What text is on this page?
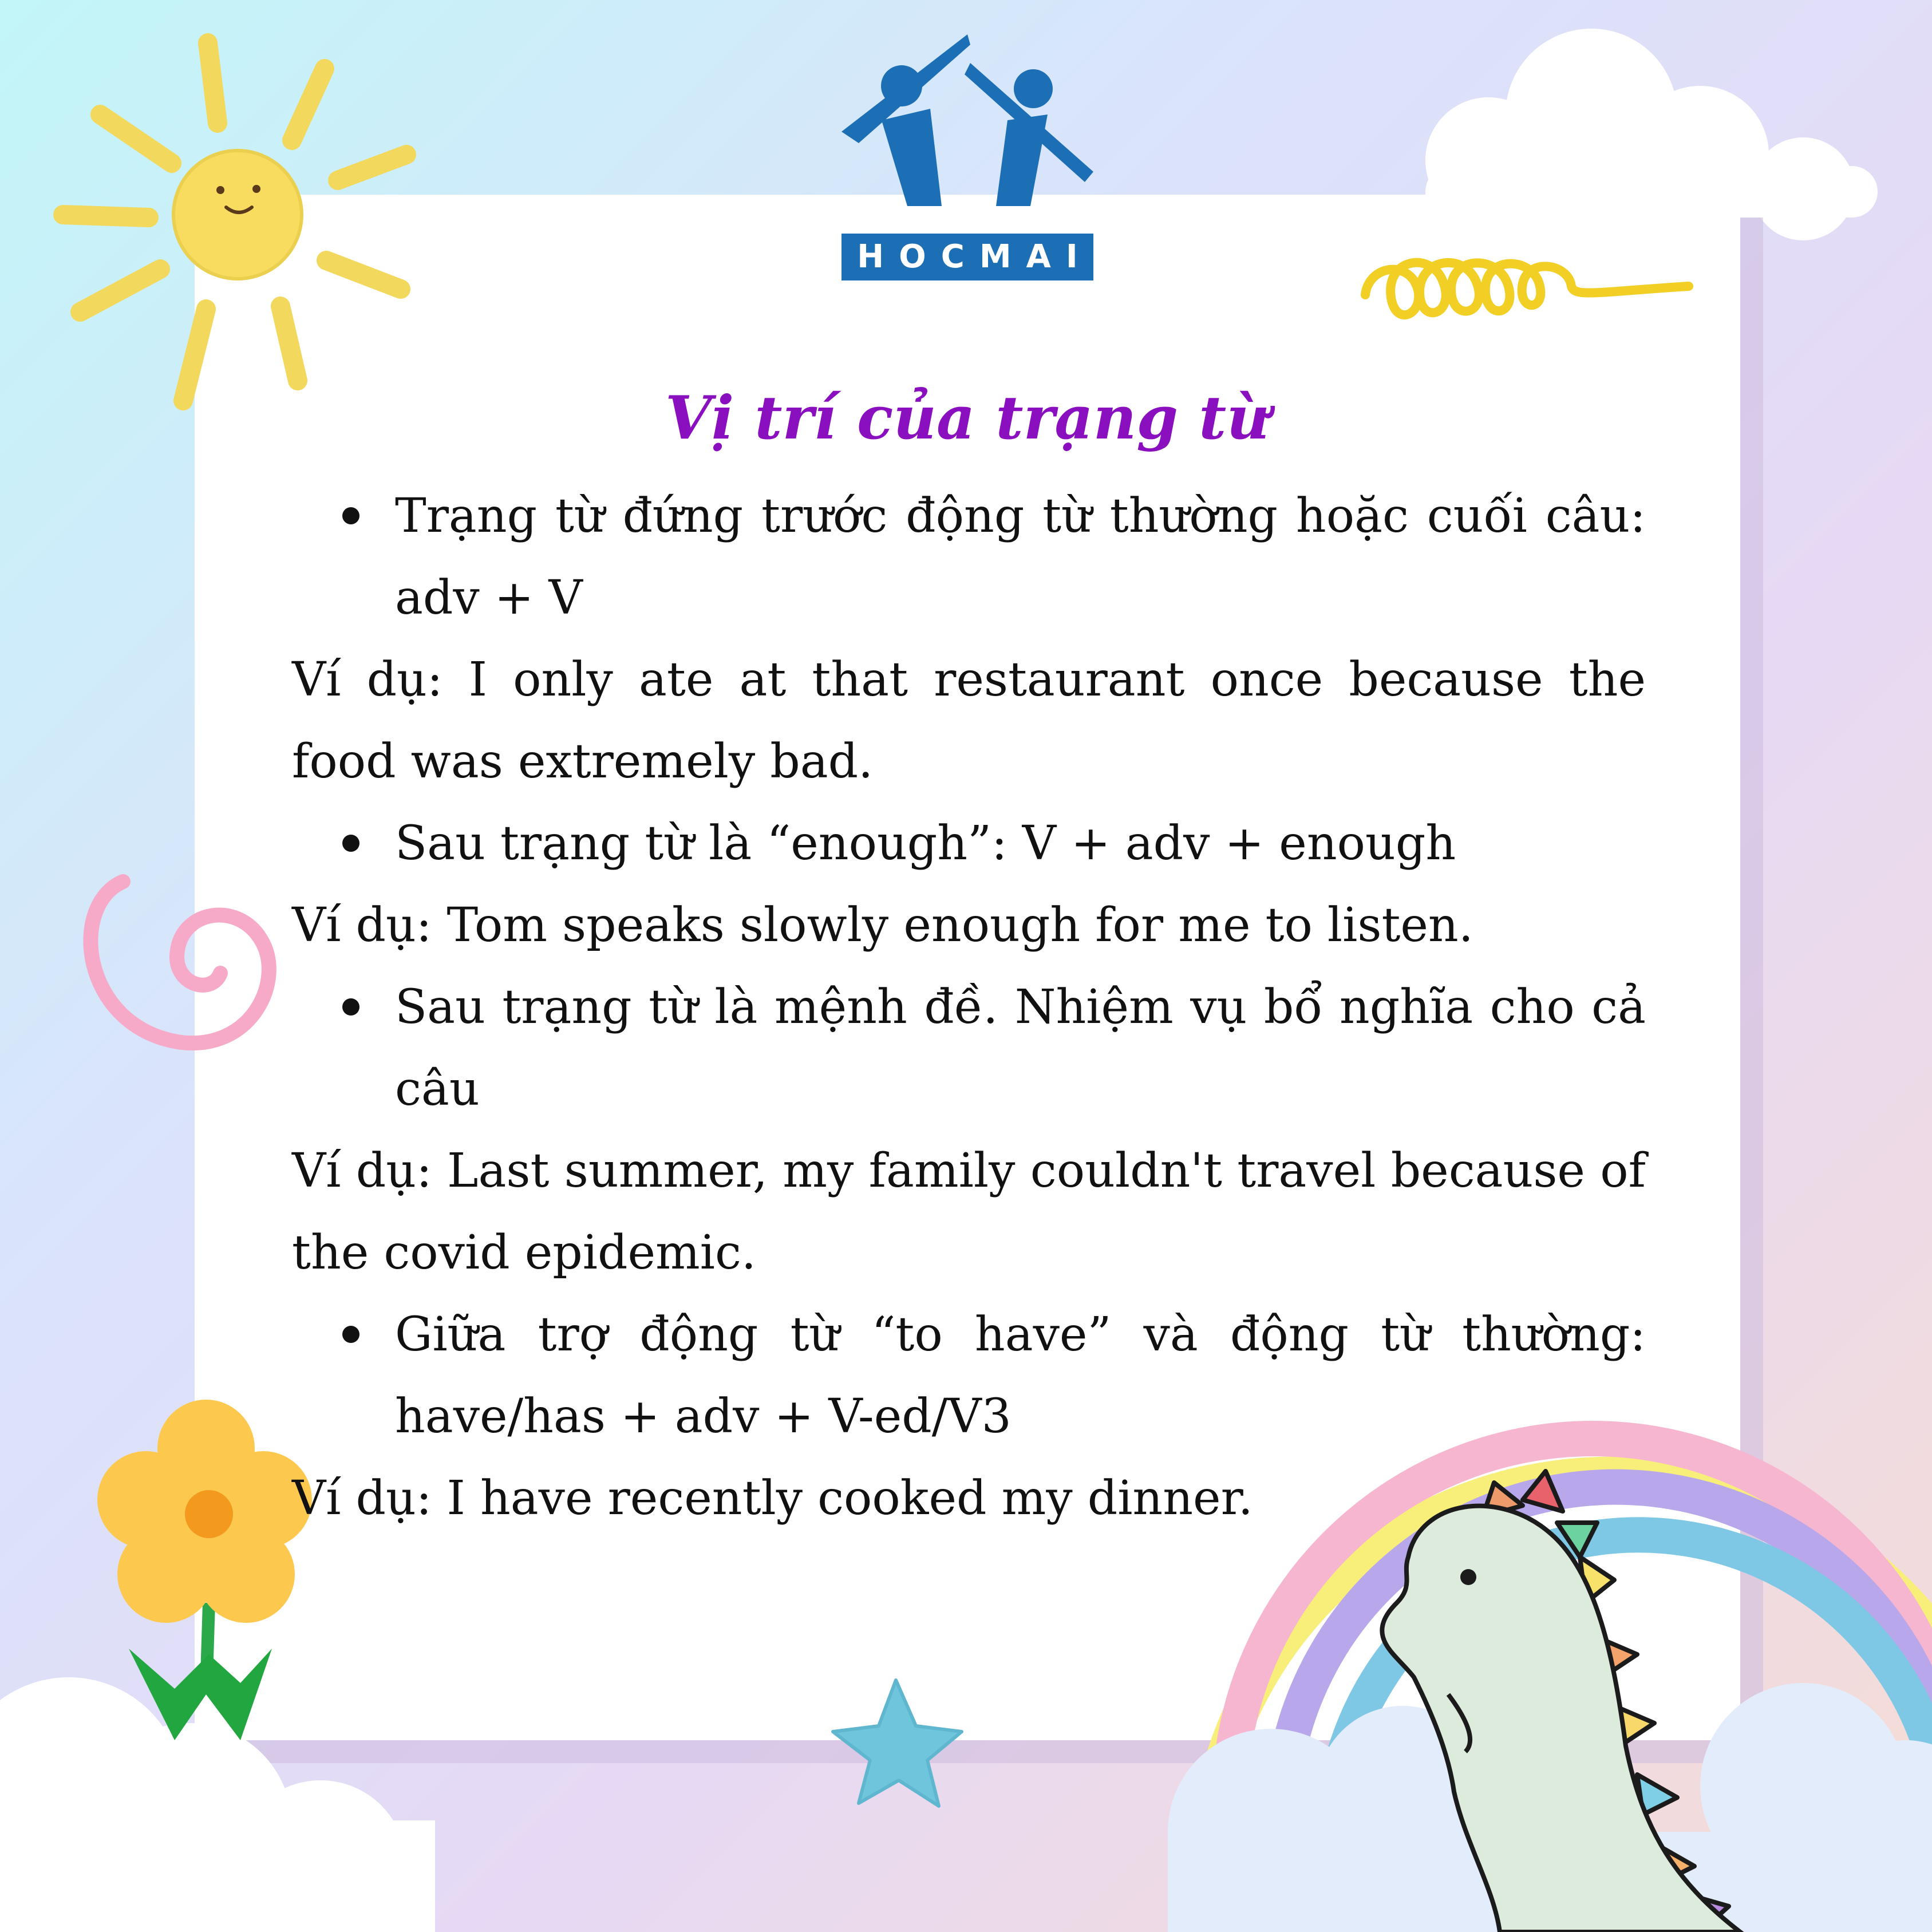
HOCMAI
Vị trí của trạng từ

Trạng từ đứng trước động từ thường hoặc cuối câu: adv + V

Ví dụ: I only ate at that restaurant once because the food was extremely bad.

Sau trạng từ là “enough”: V + adv + enough

Ví dụ: Tom speaks slowly enough for me to listen.

Sau trạng từ là mệnh đề. Nhiệm vụ bổ nghĩa cho cả câu

Ví dụ: Last summer, my family couldn't travel because of the covid epidemic.

Giữa trợ động từ “to have” và động từ thường: have/has + adv + V-ed/V3

Ví dụ: I have recently cooked my dinner.
